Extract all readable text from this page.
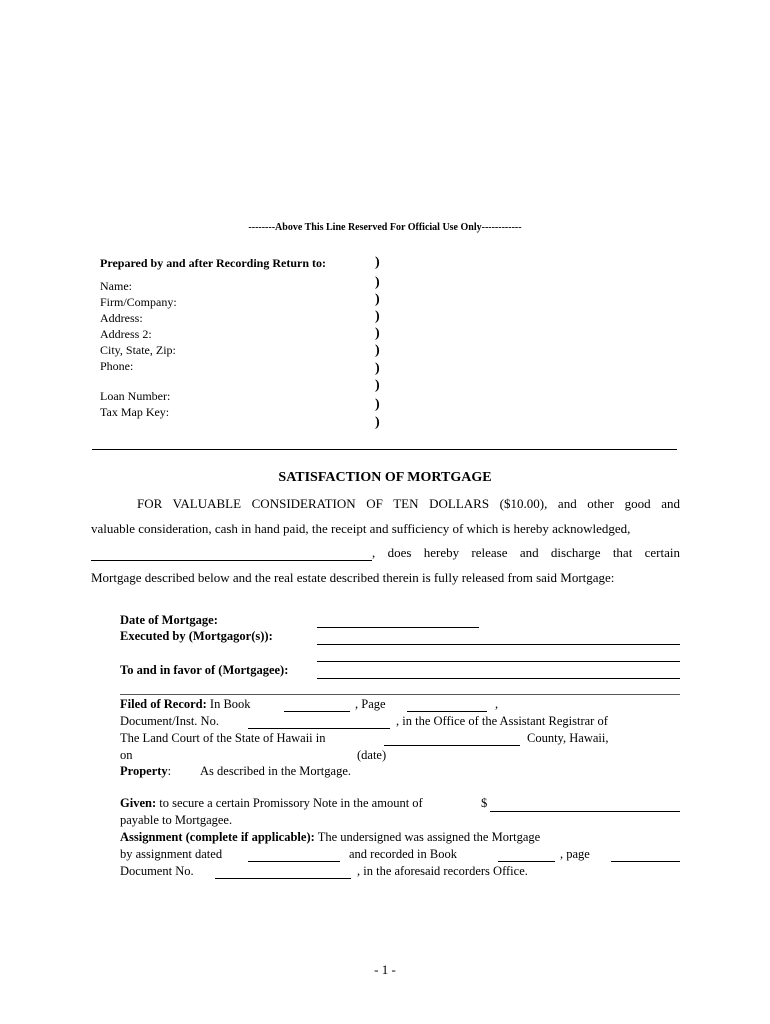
--------Above This Line Reserved For Official Use Only------------
Prepared by and after Recording Return to:
Name:
Firm/Company:
Address:
Address 2:
City, State, Zip:
Phone:
Loan Number:
Tax Map Key:
)
)
)
)
)
)
)
)
)
)
SATISFACTION OF MORTGAGE
FOR VALUABLE CONSIDERATION OF TEN DOLLARS ($10.00), and other good and
valuable consideration, cash in hand paid, the receipt and sufficiency of which is hereby acknowledged,
, does hereby release and discharge that certain
Mortgage described below and the real estate described therein is fully released from said Mortgage:
Date of Mortgage:
Executed by (Mortgagor(s)):
To and in favor of (Mortgagee):
Filed of Record: In Book	, Page	,
Document/Inst. No.	, in the Office of the Assistant Registrar of
The Land Court of the State of Hawaii in	County, Hawaii,
on	(date)
Property: As described in the Mortgage.
Given: to secure a certain Promissory Note in the amount of	$
payable to Mortgagee.
Assignment (complete if applicable): The undersigned was assigned the Mortgage
by assignment dated	and recorded in Book	, page
Document No.	, in the aforesaid recorders Office.
- 1 -
